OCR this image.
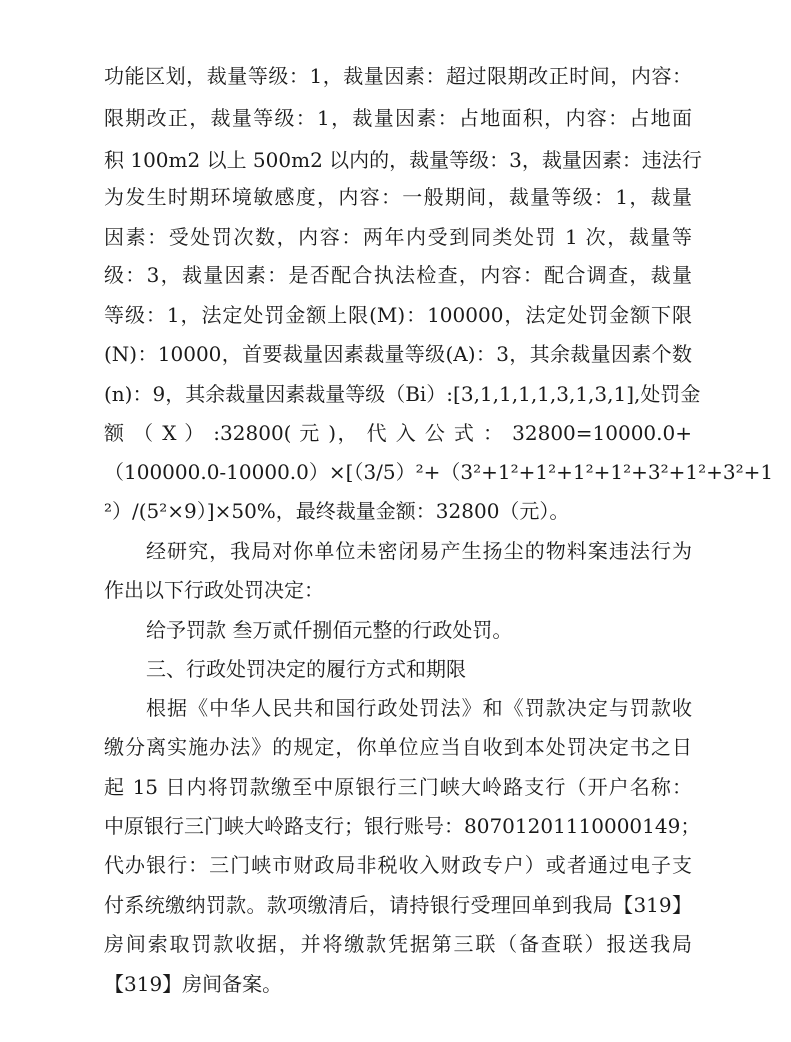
功能区划，裁量等级：1，裁量因素：超过限期改正时间，内容：
限期改正，裁量等级：1，裁量因素：占地面积，内容：占地面
积 100m2 以上 500m2 以内的，裁量等级：3，裁量因素：违法行
为发生时期环境敏感度，内容：一般期间，裁量等级：1，裁量
因素：受处罚次数，内容：两年内受到同类处罚 1 次，裁量等
级：3，裁量因素：是否配合执法检查，内容：配合调查，裁量
等级：1，法定处罚金额上限(M)：100000，法定处罚金额下限
(N)：10000，首要裁量因素裁量等级(A)：3，其余裁量因素个数
(n)：9，其余裁量因素裁量等级（Bi）:[3,1,1,1,1,3,1,3,1],处罚金
额 （ X ） :32800( 元 )， 代 入 公 式 ： 32800=10000.0+
（100000.0-10000.0）×[（3/5）²+（3²+1²+1²+1²+1²+3²+1²+3²+1
²）/(5²×9）]×50%，最终裁量金额：32800（元）。
经研究，我局对你单位未密闭易产生扬尘的物料案违法行为
作出以下行政处罚决定：
给予罚款 叁万贰仟捌佰元整的行政处罚。
三、行政处罚决定的履行方式和期限
根据《中华人民共和国行政处罚法》和《罚款决定与罚款收
缴分离实施办法》的规定，你单位应当自收到本处罚决定书之日
起 15 日内将罚款缴至中原银行三门峡大岭路支行（开户名称：
中原银行三门峡大岭路支行；银行账号：80701201110000149；
代办银行：三门峡市财政局非税收入财政专户）或者通过电子支
付系统缴纳罚款。款项缴清后，请持银行受理回单到我局【319】
房间索取罚款收据，并将缴款凭据第三联（备查联）报送我局
【319】房间备案。
